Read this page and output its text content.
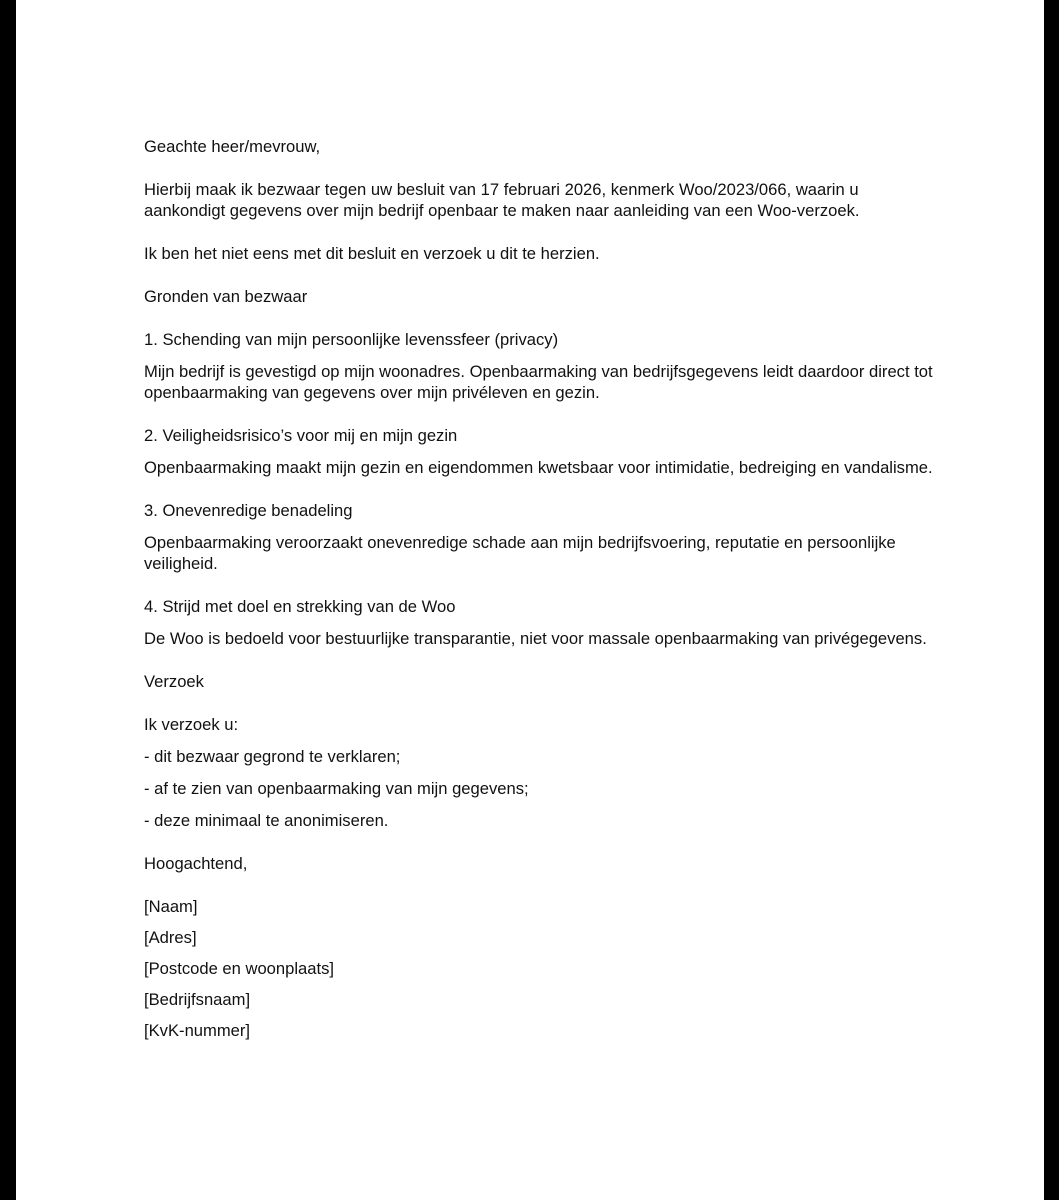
Geachte heer/mevrouw,

Hierbij maak ik bezwaar tegen uw besluit van 17 februari 2026, kenmerk Woo/2023/066, waarin u aankondigt gegevens over mijn bedrijf openbaar te maken naar aanleiding van een Woo-verzoek.

Ik ben het niet eens met dit besluit en verzoek u dit te herzien.

Gronden van bezwaar

1. Schending van mijn persoonlijke levenssfeer (privacy)

Mijn bedrijf is gevestigd op mijn woonadres. Openbaarmaking van bedrijfsgegevens leidt daardoor direct tot openbaarmaking van gegevens over mijn privéleven en gezin.

2. Veiligheidsrisico’s voor mij en mijn gezin

Openbaarmaking maakt mijn gezin en eigendommen kwetsbaar voor intimidatie, bedreiging en vandalisme.

3. Onevenredige benadeling

Openbaarmaking veroorzaakt onevenredige schade aan mijn bedrijfsvoering, reputatie en persoonlijke veiligheid.

4. Strijd met doel en strekking van de Woo

De Woo is bedoeld voor bestuurlijke transparantie, niet voor massale openbaarmaking van privégegevens.

Verzoek

Ik verzoek u:

- dit bezwaar gegrond te verklaren;

- af te zien van openbaarmaking van mijn gegevens;

- deze minimaal te anonimiseren.

Hoogachtend,

[Naam]

[Adres]

[Postcode en woonplaats]

[Bedrijfsnaam]

[KvK-nummer]
